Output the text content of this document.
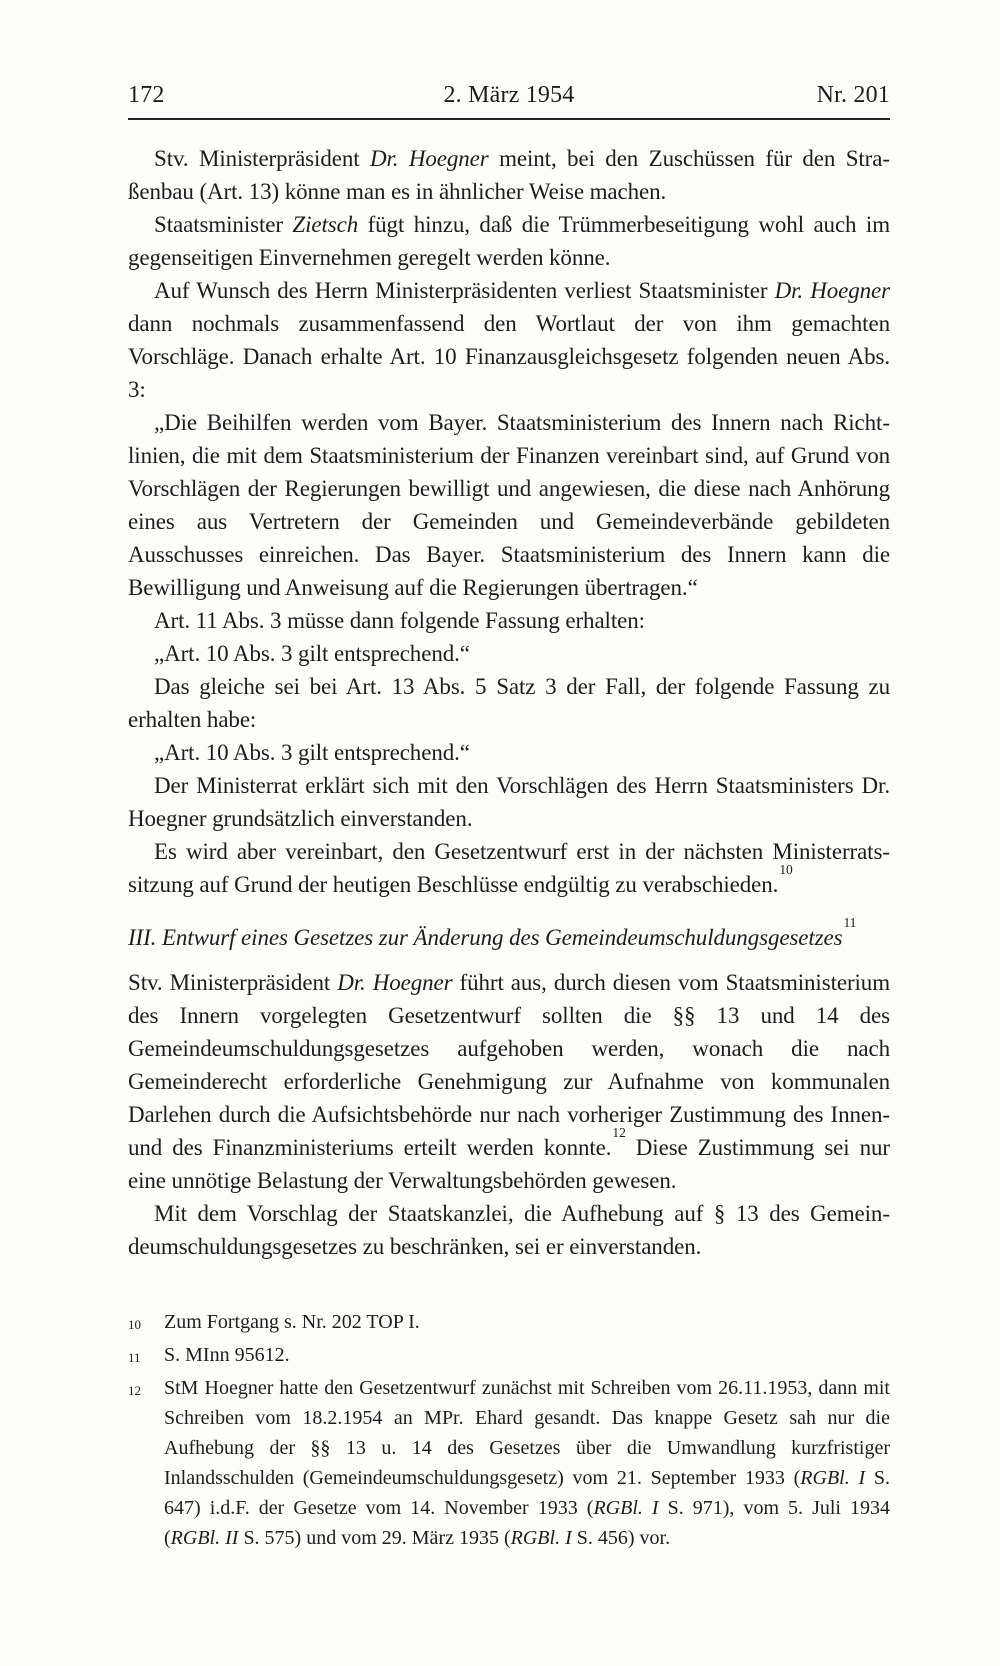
172	2. März 1954	Nr. 201

Stv. Ministerpräsident Dr. Hoegner meint, bei den Zuschüssen für den Straßenbau (Art. 13) könne man es in ähnlicher Weise machen.

Staatsminister Zietsch fügt hinzu, daß die Trümmerbeseitigung wohl auch im gegenseitigen Einvernehmen geregelt werden könne.

Auf Wunsch des Herrn Ministerpräsidenten verliest Staatsminister Dr. Hoegner dann nochmals zusammenfassend den Wortlaut der von ihm gemachten Vorschläge. Danach erhalte Art. 10 Finanzausgleichsgesetz folgenden neuen Abs. 3:

„Die Beihilfen werden vom Bayer. Staatsministerium des Innern nach Richtlinien, die mit dem Staatsministerium der Finanzen vereinbart sind, auf Grund von Vorschlägen der Regierungen bewilligt und angewiesen, die diese nach Anhörung eines aus Vertretern der Gemeinden und Gemeindeverbände gebildeten Ausschusses einreichen. Das Bayer. Staatsministerium des Innern kann die Bewilligung und Anweisung auf die Regierungen übertragen.“

Art. 11 Abs. 3 müsse dann folgende Fassung erhalten:

„Art. 10 Abs. 3 gilt entsprechend.“

Das gleiche sei bei Art. 13 Abs. 5 Satz 3 der Fall, der folgende Fassung zu erhalten habe:

„Art. 10 Abs. 3 gilt entsprechend.“

Der Ministerrat erklärt sich mit den Vorschlägen des Herrn Staatsministers Dr. Hoegner grundsätzlich einverstanden.

Es wird aber vereinbart, den Gesetzentwurf erst in der nächsten Ministerratssitzung auf Grund der heutigen Beschlüsse endgültig zu verabschieden.$^{10}$

III. Entwurf eines Gesetzes zur Änderung des Gemeindeumschuldungsgesetzes$^{11}$

Stv. Ministerpräsident Dr. Hoegner führt aus, durch diesen vom Staatsministerium des Innern vorgelegten Gesetzentwurf sollten die §§ 13 und 14 des Gemeindeumschuldungsgesetzes aufgehoben werden, wonach die nach Gemeinderecht erforderliche Genehmigung zur Aufnahme von kommunalen Darlehen durch die Aufsichtsbehörde nur nach vorheriger Zustimmung des Innen- und des Finanzministeriums erteilt werden konnte.$^{12}$ Diese Zustimmung sei nur eine unnötige Belastung der Verwaltungsbehörden gewesen.

Mit dem Vorschlag der Staatskanzlei, die Aufhebung auf § 13 des Gemeindeumschuldungsgesetzes zu beschränken, sei er einverstanden.

10	Zum Fortgang s. Nr. 202 TOP I.
11	S. MInn 95612.
12	StM Hoegner hatte den Gesetzentwurf zunächst mit Schreiben vom 26.11.1953, dann mit Schreiben vom 18.2.1954 an MPr. Ehard gesandt. Das knappe Gesetz sah nur die Aufhebung der §§ 13 u. 14 des Gesetzes über die Umwandlung kurzfristiger Inlandsschulden (Gemeindeumschuldungsgesetz) vom 21. September 1933 (RGBl. I S. 647) i.d.F. der Gesetze vom 14. November 1933 (RGBl. I S. 971), vom 5. Juli 1934 (RGBl. II S. 575) und vom 29. März 1935 (RGBl. I S. 456) vor.
